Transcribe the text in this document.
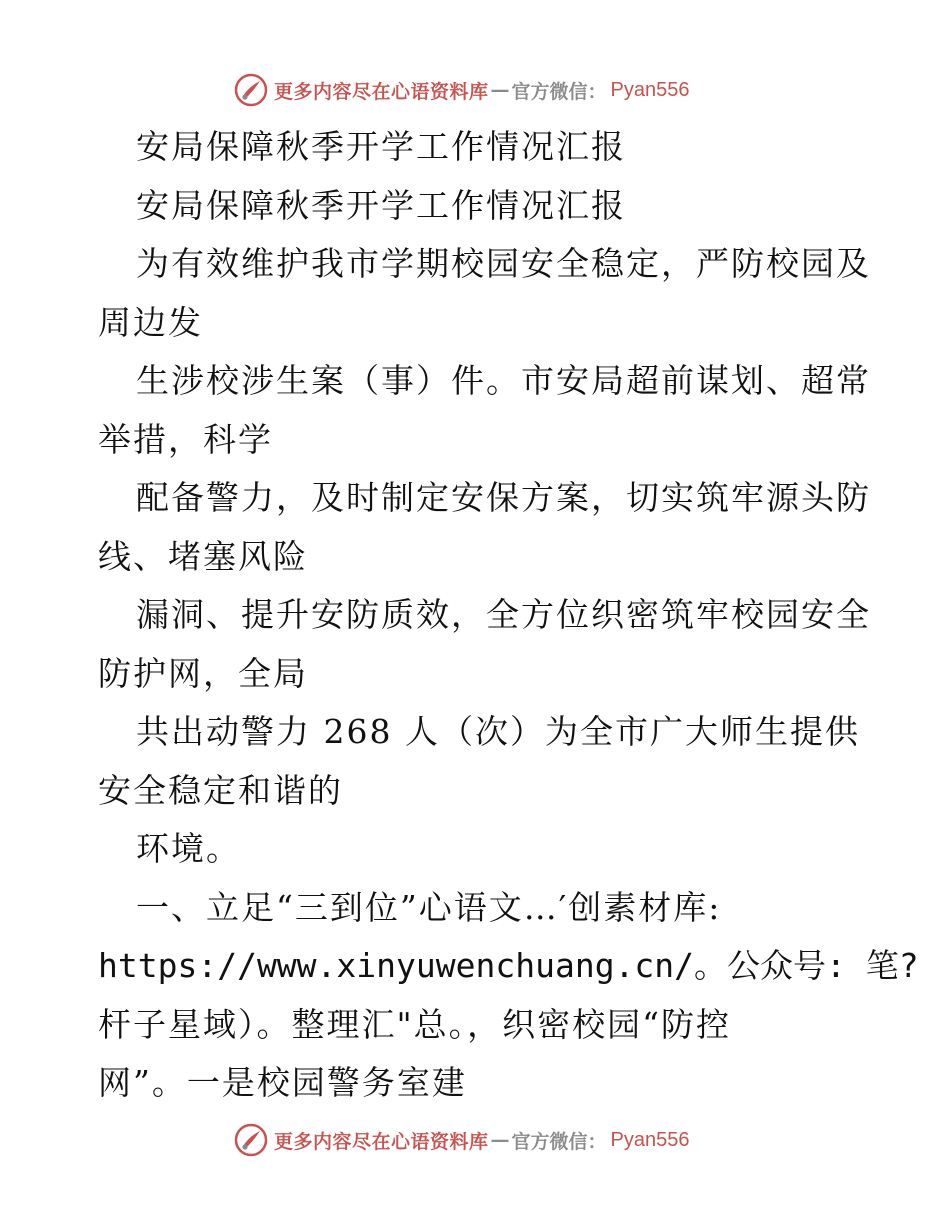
更多内容尽在心语资料库 — 官方微信： Pyan556
安局保障秋季开学工作情况汇报
安局保障秋季开学工作情况汇报
为有效维护我市学期校园安全稳定，严防校园及
周边发
生涉校涉生案（事）件。市安局超前谋划、超常
举措，科学
配备警力，及时制定安保方案，切实筑牢源头防
线、堵塞风险
漏洞、提升安防质效，全方位织密筑牢校园安全
防护网，全局
共出动警力 268 人（次）为全市广大师生提供
安全稳定和谐的
环境。
一、立足“三到位”心语文…′创素材库:
https://www.xinyuwenchuang.cn/。公众号: 笔?
杆子星域）。整理汇"总。，织密校园“防控
网”。一是校园警务室建
更多内容尽在心语资料库 — 官方微信： Pyan556
